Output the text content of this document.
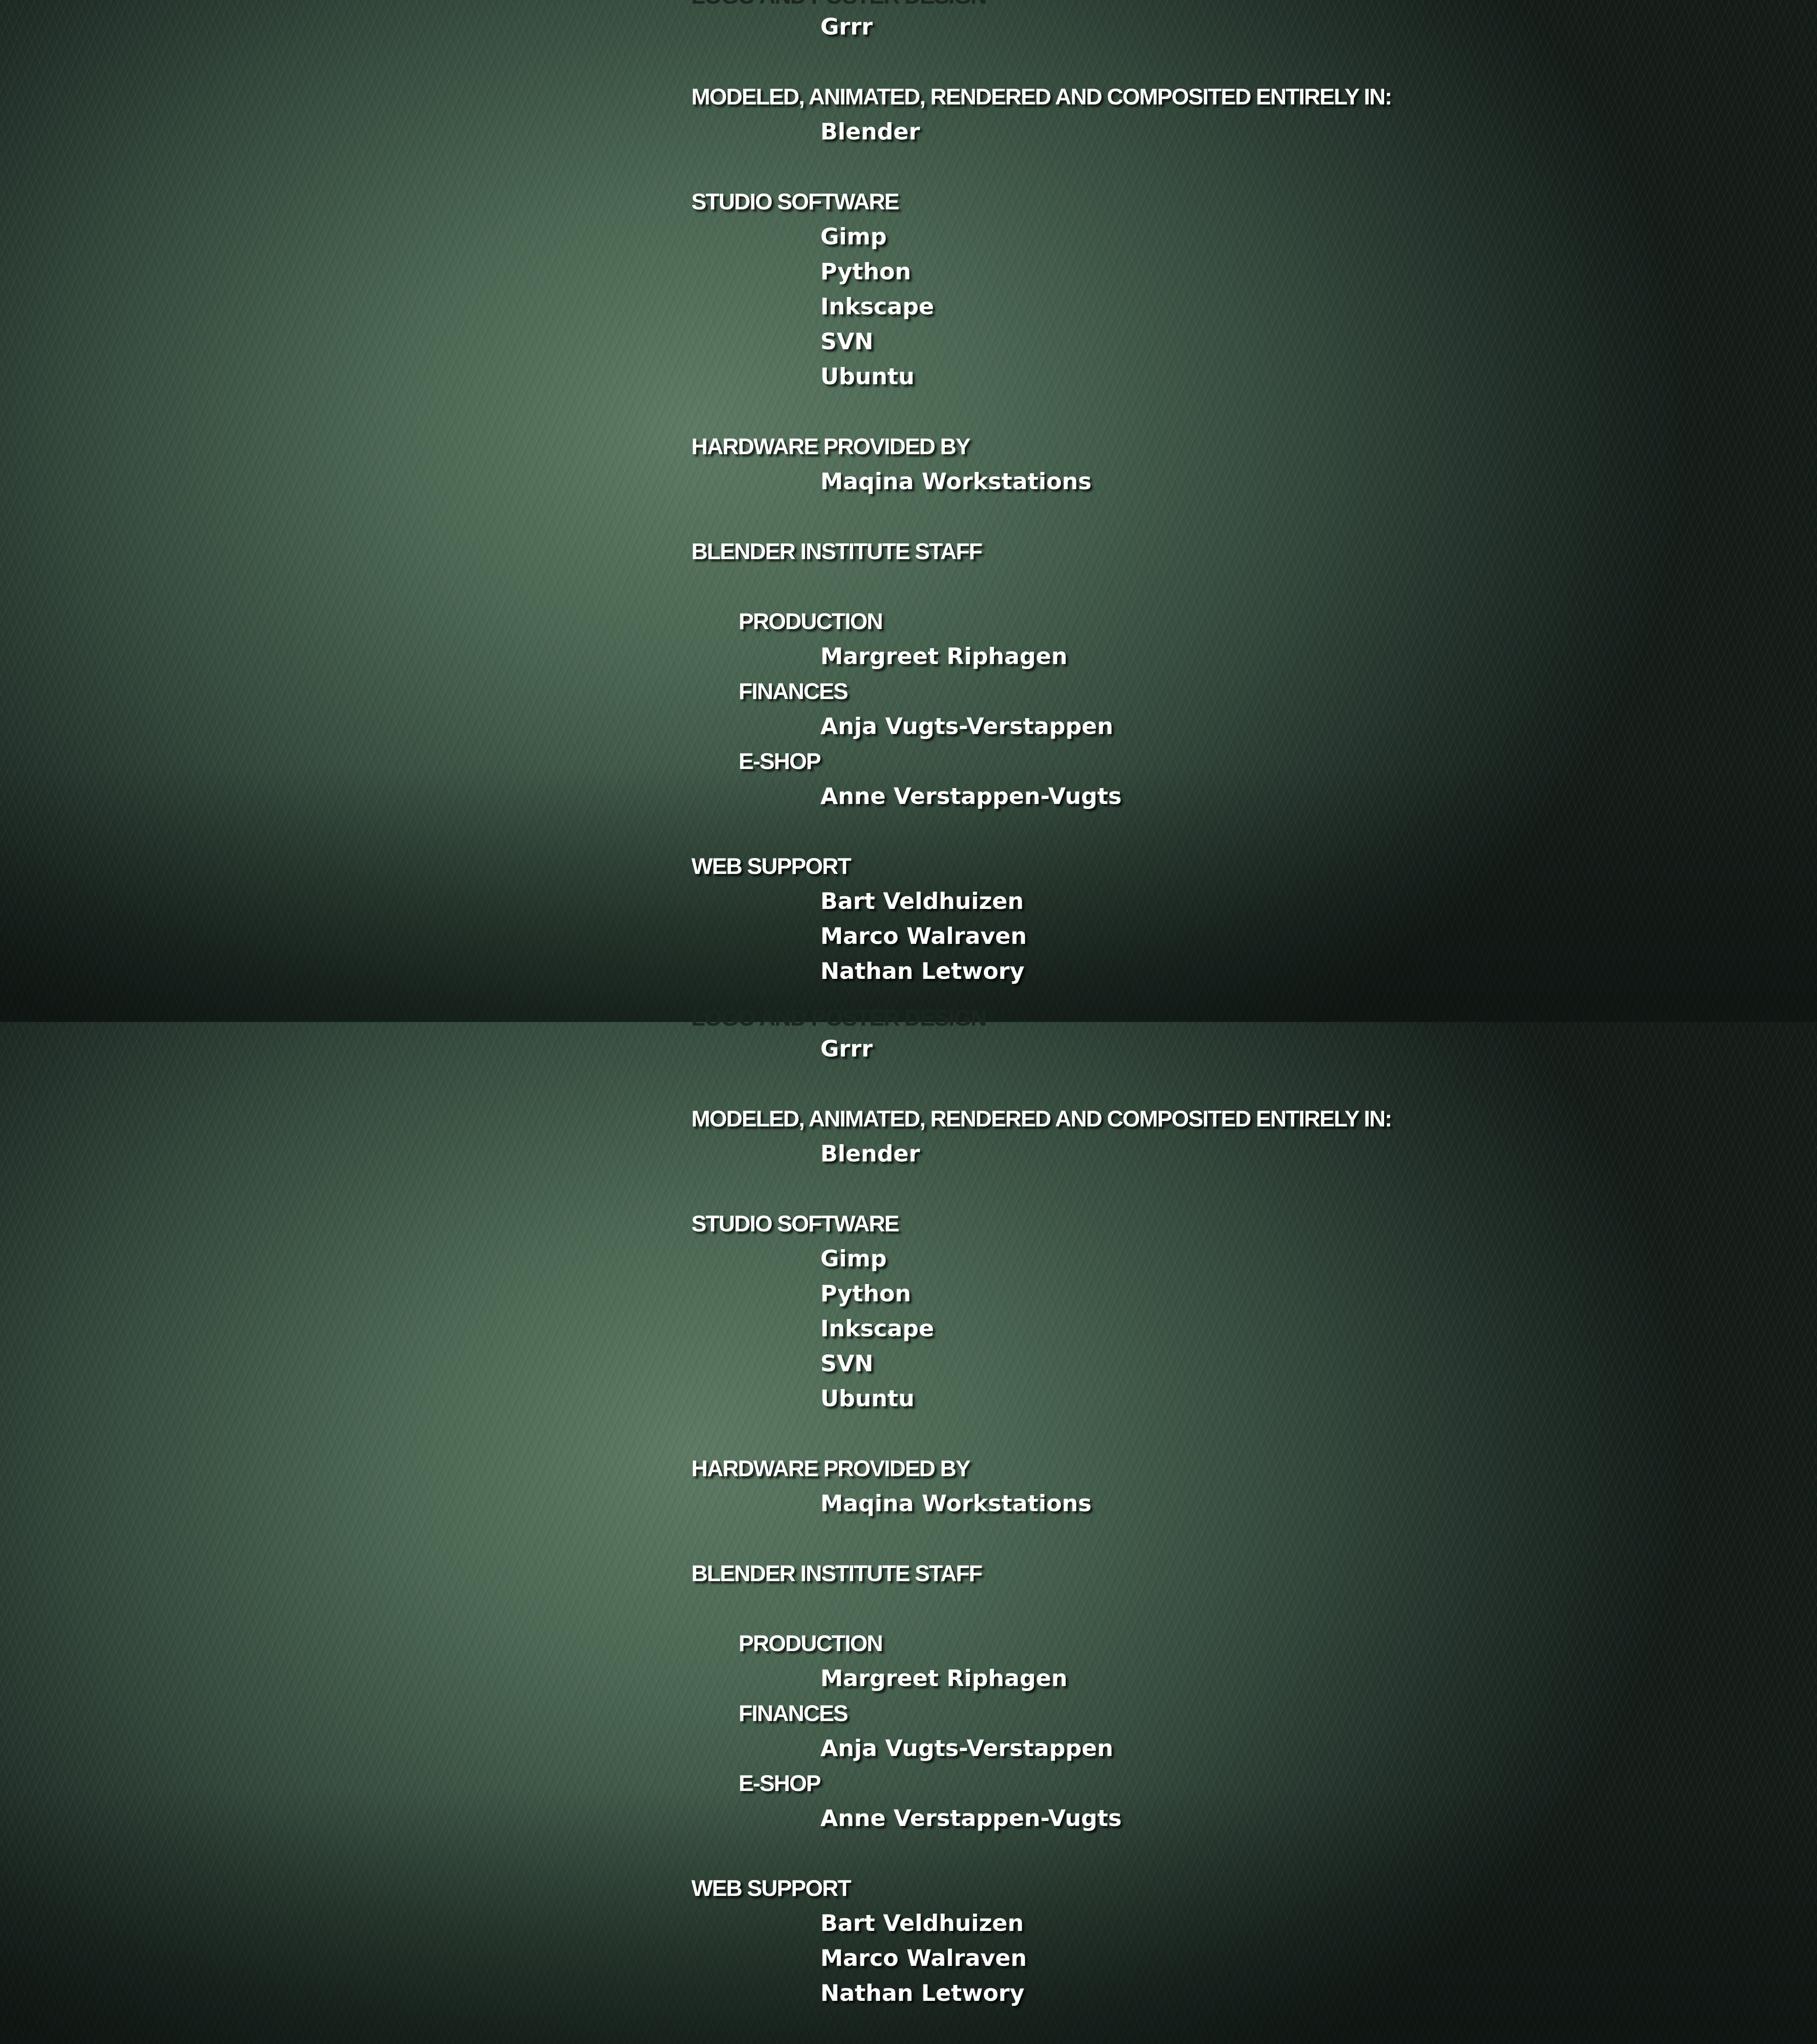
Grrr
MODELED, ANIMATED, RENDERED AND COMPOSITED ENTIRELY IN:
Blender
STUDIO SOFTWARE
Gimp
Python
Inkscape
SVN
Ubuntu
HARDWARE PROVIDED BY
Maqina Workstations
BLENDER INSTITUTE STAFF
PRODUCTION
Margreet Riphagen
FINANCES
Anja Vugts-Verstappen
E-SHOP
Anne Verstappen-Vugts
WEB SUPPORT
Bart Veldhuizen
Marco Walraven
Nathan Letwory
LOGO AND POSTER DESIGN
Grrr
MODELED, ANIMATED, RENDERED AND COMPOSITED ENTIRELY IN:
Blender
STUDIO SOFTWARE
Gimp
Python
Inkscape
SVN
Ubuntu
HARDWARE PROVIDED BY
Maqina Workstations
BLENDER INSTITUTE STAFF
PRODUCTION
Margreet Riphagen
FINANCES
Anja Vugts-Verstappen
E-SHOP
Anne Verstappen-Vugts
WEB SUPPORT
Bart Veldhuizen
Marco Walraven
Nathan Letwory
